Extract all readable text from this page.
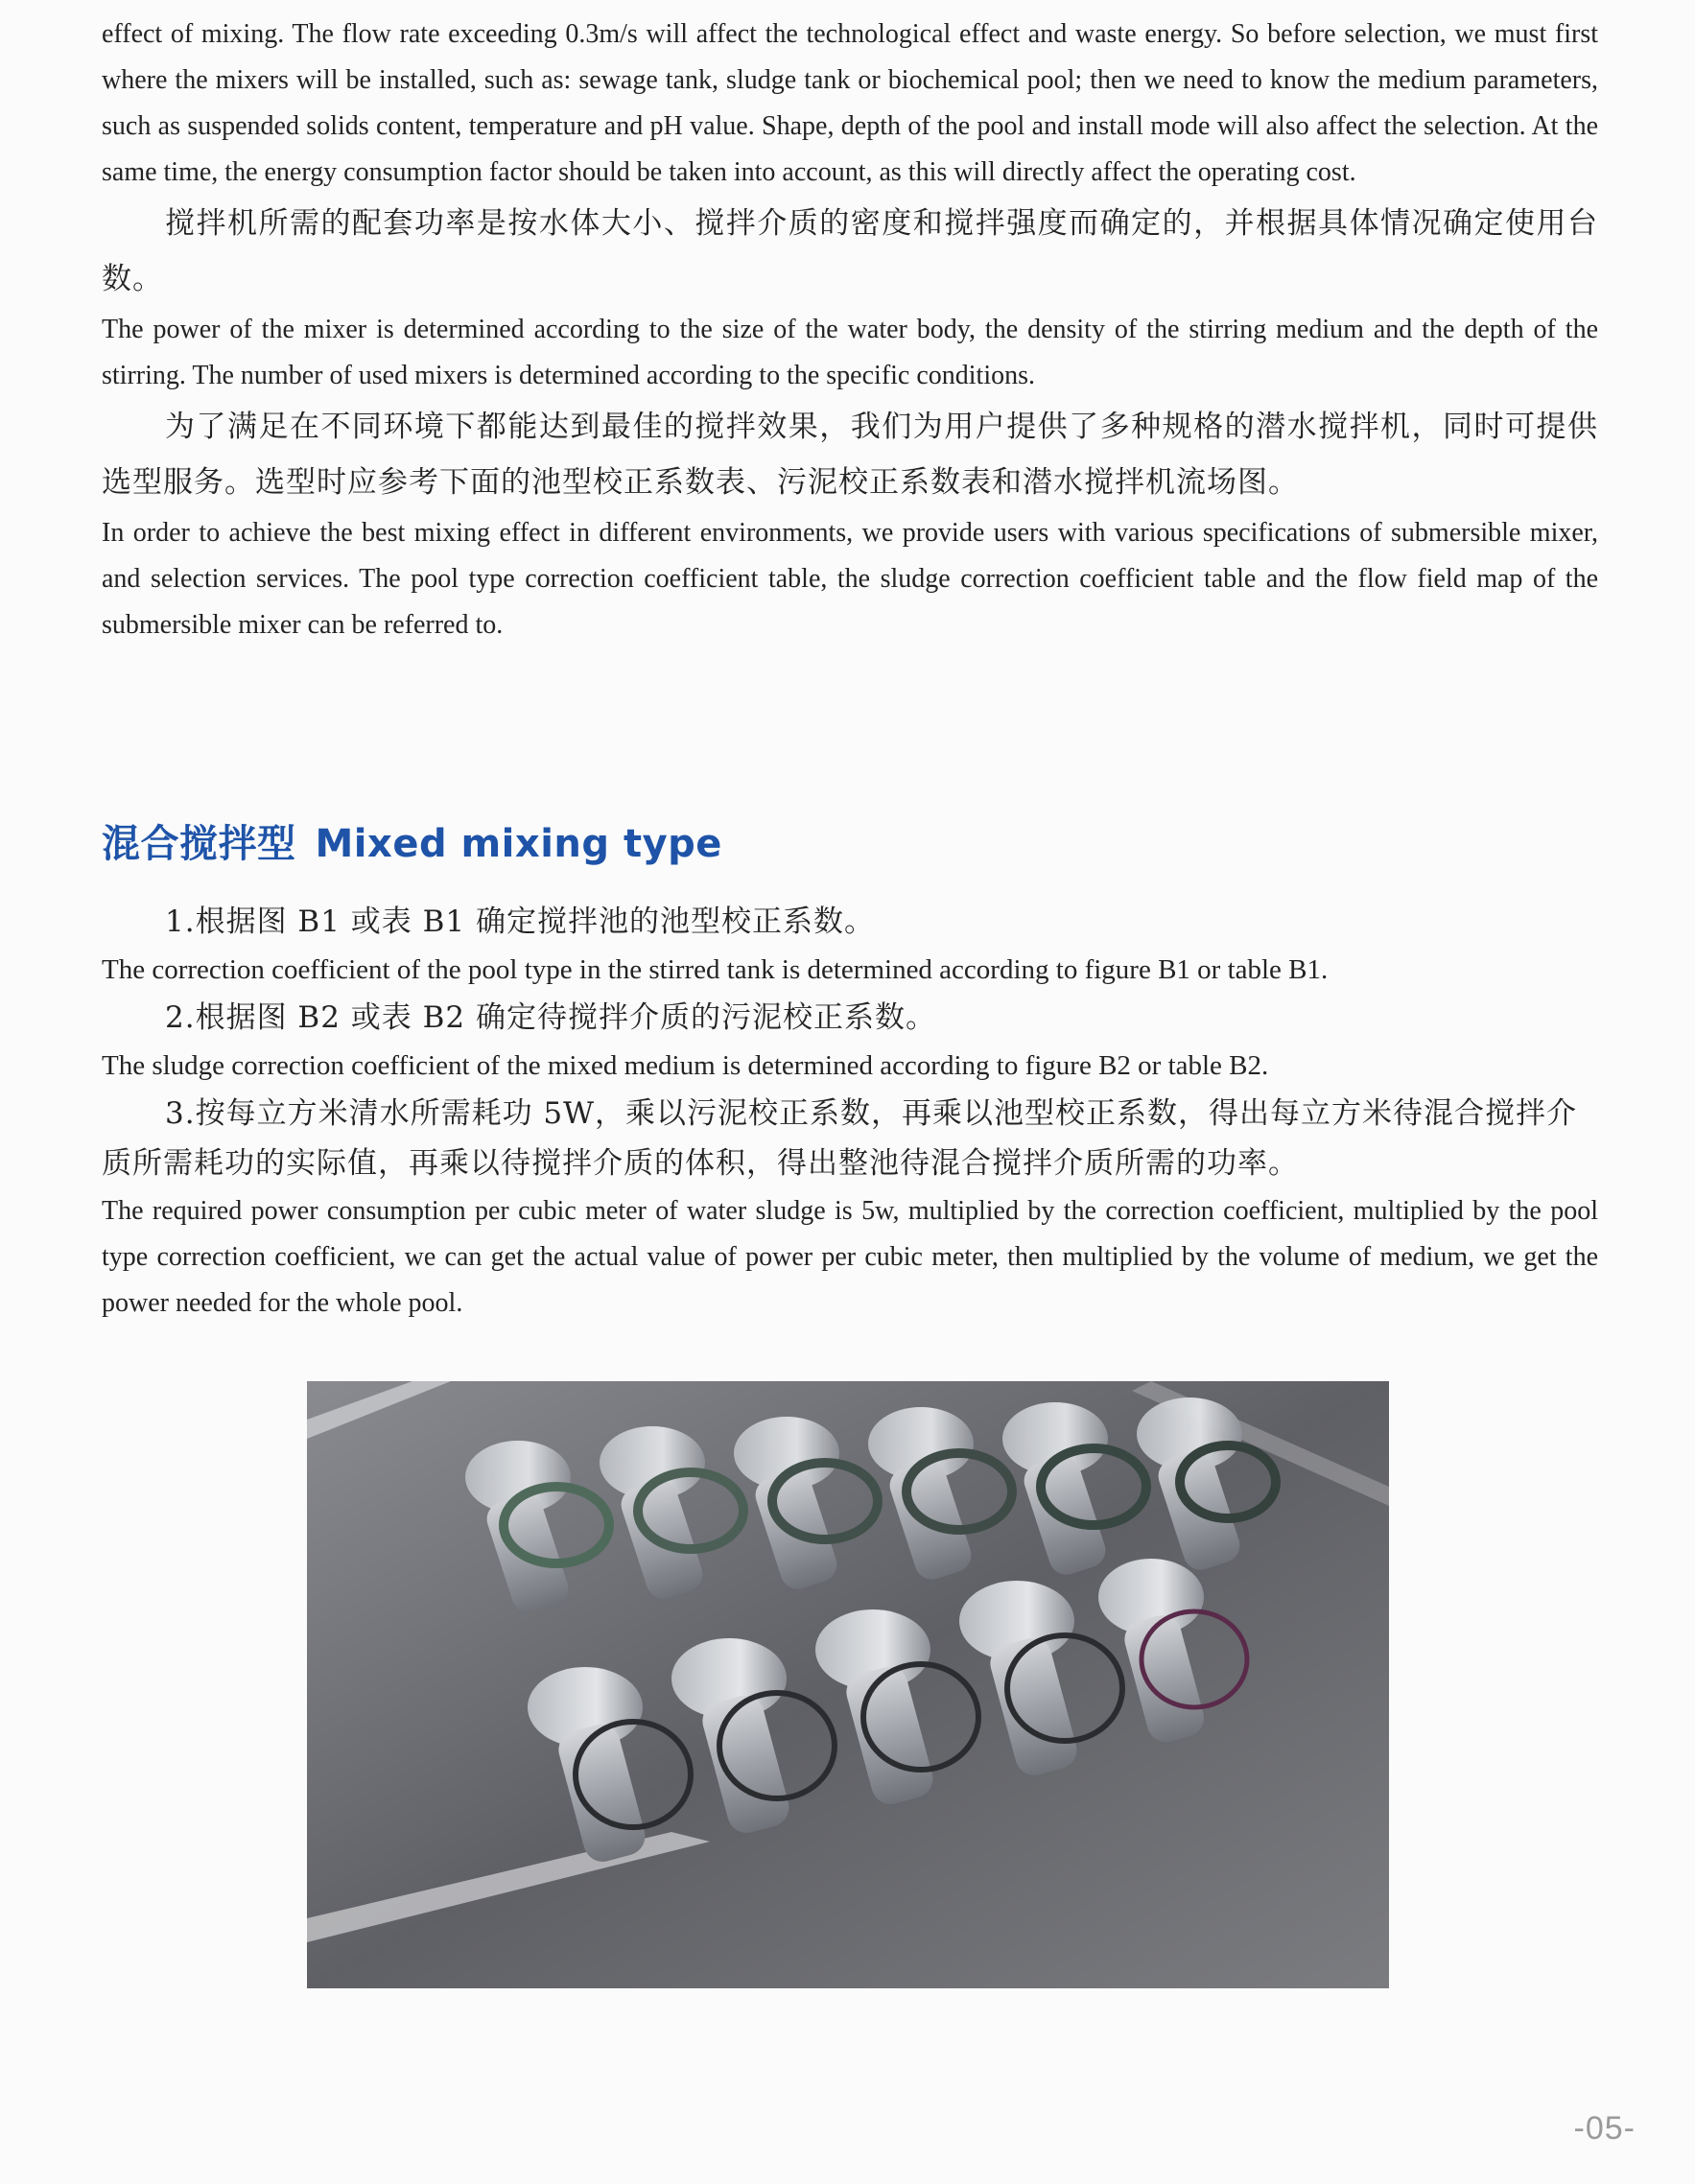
effect of mixing. The flow rate exceeding 0.3m/s will affect the technological effect and waste energy. So before selection, we must first where the mixers will be installed, such as: sewage tank, sludge tank or biochemical pool; then we need to know the medium parameters, such as suspended solids content, temperature and pH value. Shape, depth of the pool and install mode will also affect the selection. At the same time, the energy consumption factor should be taken into account, as this will directly affect the operating cost.

搅拌机所需的配套功率是按水体大小、搅拌介质的密度和搅拌强度而确定的，并根据具体情况确定使用台数。

The power of the mixer is determined according to the size of the water body, the density of the stirring medium and the depth of the stirring. The number of used mixers is determined according to the specific conditions.

为了满足在不同环境下都能达到最佳的搅拌效果，我们为用户提供了多种规格的潜水搅拌机，同时可提供选型服务。选型时应参考下面的池型校正系数表、污泥校正系数表和潜水搅拌机流场图。

In order to achieve the best mixing effect in different environments, we provide users with various specifications of submersible mixer, and selection services. The pool type correction coefficient table, the sludge correction coefficient table and the flow field map of the submersible mixer can be referred to.

混合搅拌型 Mixed mixing type

1.根据图 B1 或表 B1 确定搅拌池的池型校正系数。

The correction coefficient of the pool type in the stirred tank is determined according to figure B1 or table B1.

2.根据图 B2 或表 B2 确定待搅拌介质的污泥校正系数。

The sludge correction coefficient of the mixed medium is determined according to figure B2 or table B2.

3.按每立方米清水所需耗功 5W，乘以污泥校正系数，再乘以池型校正系数，得出每立方米待混合搅拌介质所需耗功的实际值，再乘以待搅拌介质的体积，得出整池待混合搅拌介质所需的功率。

The required power consumption per cubic meter of water sludge is 5w, multiplied by the correction coefficient, multiplied by the pool type correction coefficient, we can get the actual value of power per cubic meter, then multiplied by the volume of medium, we get the power needed for the whole pool.

-05-
